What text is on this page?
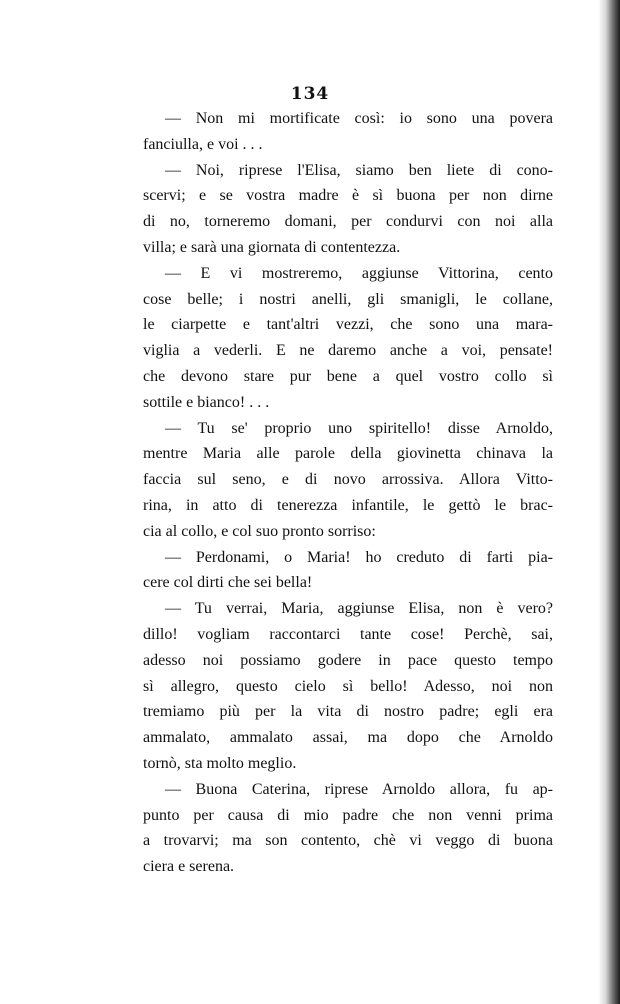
134
— Non mi mortificate così: io sono una povera
fanciulla, e voi . . .
— Noi, riprese l'Elisa, siamo ben liete di cono-
scervi; e se vostra madre è sì buona per non dirne
di no, torneremo domani, per condurvi con noi alla
villa; e sarà una giornata di contentezza.
— E vi mostreremo, aggiunse Vittorina, cento
cose belle; i nostri anelli, gli smanigli, le collane,
le ciarpette e tant'altri vezzi, che sono una mara-
viglia a vederli. E ne daremo anche a voi, pensate!
che devono stare pur bene a quel vostro collo sì
sottile e bianco! . . .
— Tu se' proprio uno spiritello! disse Arnoldo,
mentre Maria alle parole della giovinetta chinava la
faccia sul seno, e di novo arrossiva. Allora Vitto-
rina, in atto di tenerezza infantile, le gettò le brac-
cia al collo, e col suo pronto sorriso:
— Perdonami, o Maria! ho creduto di farti pia-
cere col dirti che sei bella!
— Tu verrai, Maria, aggiunse Elisa, non è vero?
dillo! vogliam raccontarci tante cose! Perchè, sai,
adesso noi possiamo godere in pace questo tempo
sì allegro, questo cielo sì bello! Adesso, noi non
tremiamo più per la vita di nostro padre; egli era
ammalato, ammalato assai, ma dopo che Arnoldo
tornò, sta molto meglio.
— Buona Caterina, riprese Arnoldo allora, fu ap-
punto per causa di mio padre che non venni prima
a trovarvi; ma son contento, chè vi veggo di buona
ciera e serena.
